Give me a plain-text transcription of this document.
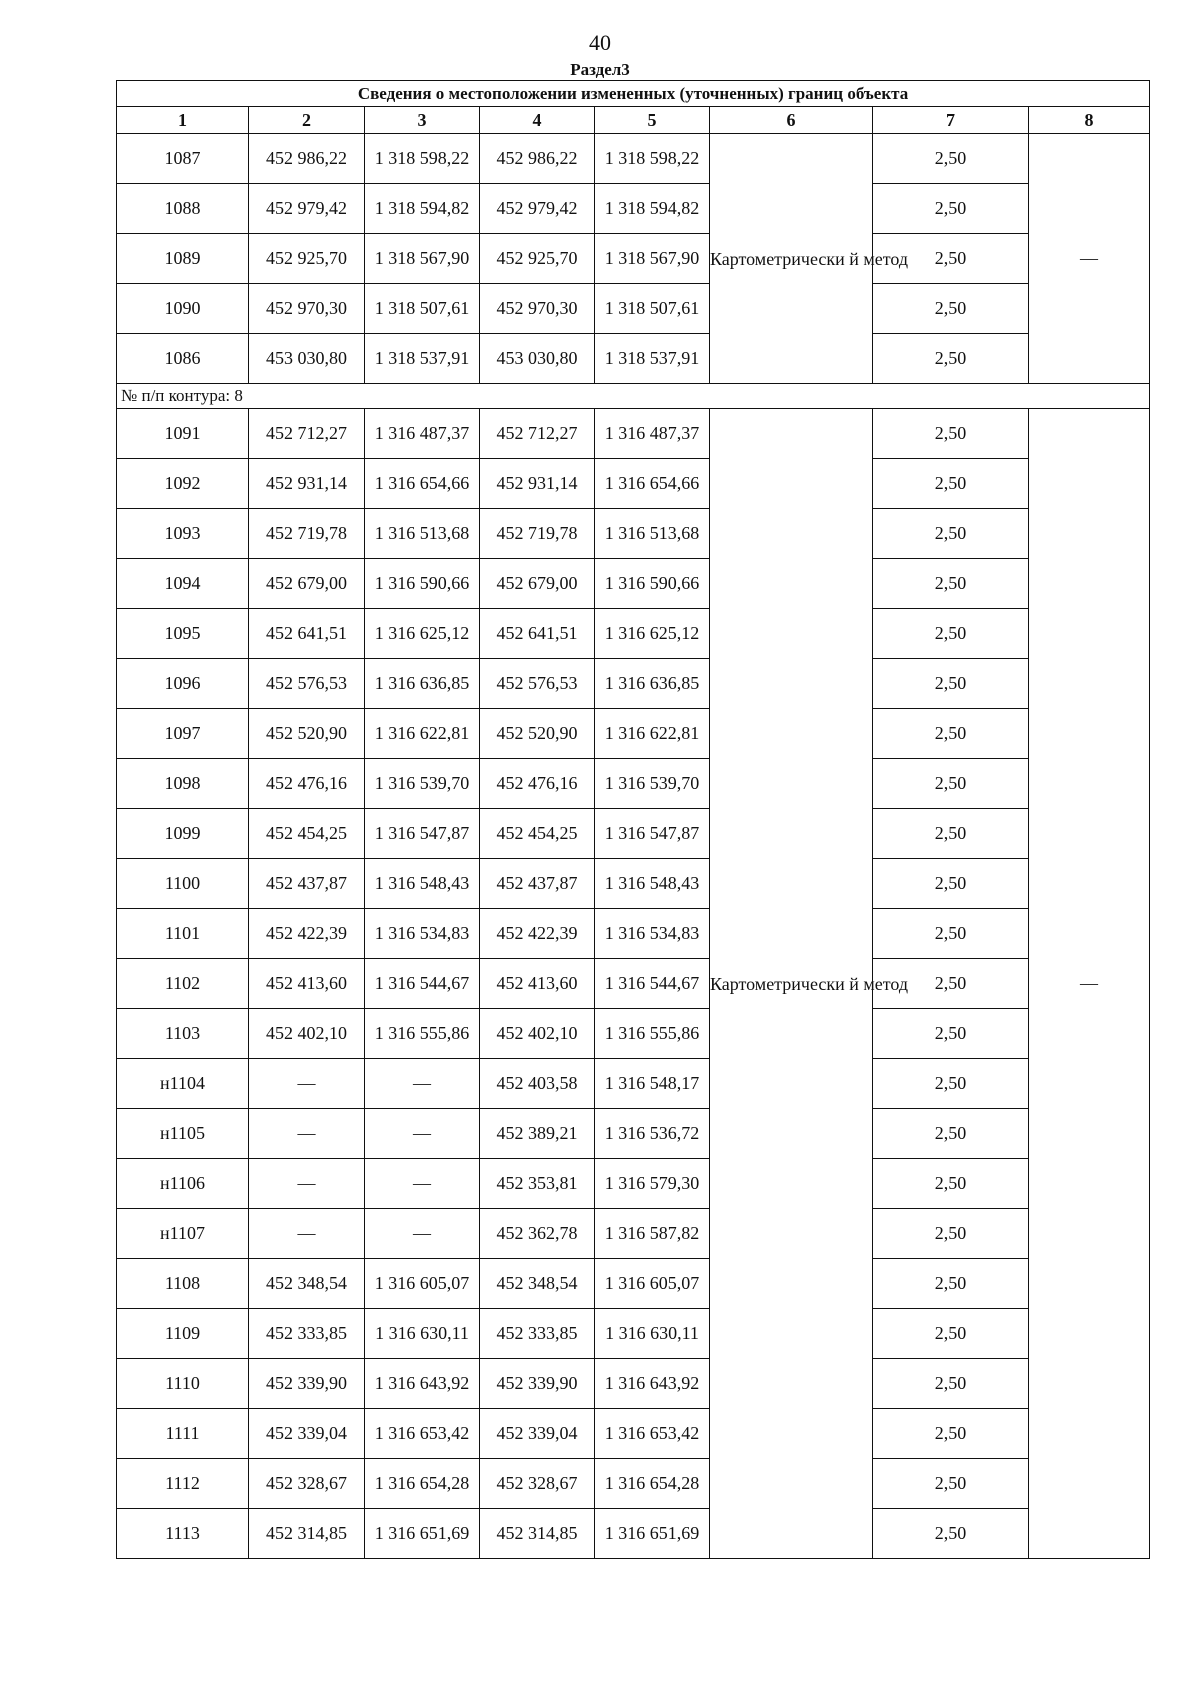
40
Раздел3
Сведения о местоположении измененных (уточненных) границ объекта							
1	2	3	4	5	6	7	8
1087	452 986,22	1 318 598,22	452 986,22	1 318 598,22	Картометрически й метод	2,50	—
1088	452 979,42	1 318 594,82	452 979,42	1 318 594,82		2,50	
1089	452 925,70	1 318 567,90	452 925,70	1 318 567,90		2,50	
1090	452 970,30	1 318 507,61	452 970,30	1 318 507,61		2,50	
1086	453 030,80	1 318 537,91	453 030,80	1 318 537,91		2,50	
№ п/п контура: 8							
1091	452 712,27	1 316 487,37	452 712,27	1 316 487,37	Картометрически й метод	2,50	—
1092	452 931,14	1 316 654,66	452 931,14	1 316 654,66		2,50	
1093	452 719,78	1 316 513,68	452 719,78	1 316 513,68		2,50	
1094	452 679,00	1 316 590,66	452 679,00	1 316 590,66		2,50	
1095	452 641,51	1 316 625,12	452 641,51	1 316 625,12		2,50	
1096	452 576,53	1 316 636,85	452 576,53	1 316 636,85		2,50	
1097	452 520,90	1 316 622,81	452 520,90	1 316 622,81		2,50	
1098	452 476,16	1 316 539,70	452 476,16	1 316 539,70		2,50	
1099	452 454,25	1 316 547,87	452 454,25	1 316 547,87		2,50	
1100	452 437,87	1 316 548,43	452 437,87	1 316 548,43		2,50	
1101	452 422,39	1 316 534,83	452 422,39	1 316 534,83		2,50	
1102	452 413,60	1 316 544,67	452 413,60	1 316 544,67		2,50	
1103	452 402,10	1 316 555,86	452 402,10	1 316 555,86		2,50	
н1104	—	—	452 403,58	1 316 548,17		2,50	
н1105	—	—	452 389,21	1 316 536,72		2,50	
н1106	—	—	452 353,81	1 316 579,30		2,50	
н1107	—	—	452 362,78	1 316 587,82		2,50	
1108	452 348,54	1 316 605,07	452 348,54	1 316 605,07		2,50	
1109	452 333,85	1 316 630,11	452 333,85	1 316 630,11		2,50	
1110	452 339,90	1 316 643,92	452 339,90	1 316 643,92		2,50	
1111	452 339,04	1 316 653,42	452 339,04	1 316 653,42		2,50	
1112	452 328,67	1 316 654,28	452 328,67	1 316 654,28		2,50	
1113	452 314,85	1 316 651,69	452 314,85	1 316 651,69		2,50	
